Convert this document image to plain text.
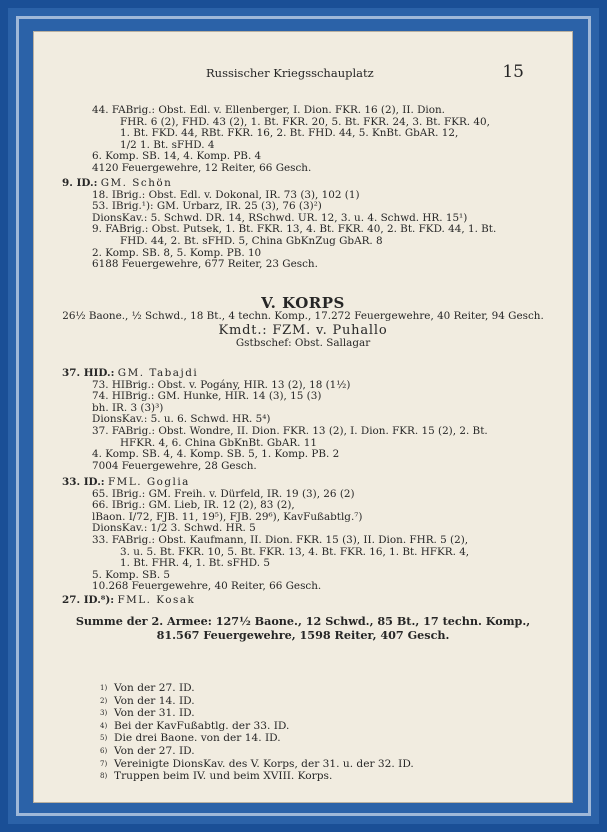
Russischer Kriegsschauplatz	15
44. FABrig.: Obst. Edl. v. Ellenberger, I. Dion. FKR. 16 (2), II. Dion.
FHR. 6 (2), FHD. 43 (2), 1. Bt. FKR. 20, 5. Bt. FKR. 24, 3. Bt. FKR. 40,
1. Bt. FKD. 44, RBt. FKR. 16, 2. Bt. FHD. 44, 5. KnBt. GbAR. 12,
1/2 1. Bt. sFHD. 4
6. Komp. SB. 14, 4. Komp. PB. 4
4120 Feuergewehre, 12 Reiter, 66 Gesch.
9. ID.: GM. Schön
18. IBrig.: Obst. Edl. v. Dokonal, IR. 73 (3), 102 (1)
53. IBrig.¹): GM. Urbarz, IR. 25 (3), 76 (3)²)
DionsKav.: 5. Schwd. DR. 14, RSchwd. UR. 12, 3. u. 4. Schwd. HR. 15¹)
9. FABrig.: Obst. Putsek, 1. Bt. FKR. 13, 4. Bt. FKR. 40, 2. Bt. FKD. 44, 1. Bt.
FHD. 44, 2. Bt. sFHD. 5, China GbKnZug GbAR. 8
2. Komp. SB. 8, 5. Komp. PB. 10
6188 Feuergewehre, 677 Reiter, 23 Gesch.
V. KORPS
26½ Baone., ½ Schwd., 18 Bt., 4 techn. Komp., 17.272 Feuergewehre, 40 Reiter, 94 Gesch.
Kmdt.: FZM. v. Puhallo
Gstbschef: Obst. Sallagar
37. HID.: GM. Tabajdi
73. HIBrig.: Obst. v. Pogány, HIR. 13 (2), 18 (1½)
74. HIBrig.: GM. Hunke, HIR. 14 (3), 15 (3)
bh. IR. 3 (3)³)
DionsKav.: 5. u. 6. Schwd. HR. 5⁴)
37. FABrig.: Obst. Wondre, II. Dion. FKR. 13 (2), I. Dion. FKR. 15 (2), 2. Bt.
HFKR. 4, 6. China GbKnBt. GbAR. 11
4. Komp. SB. 4, 4. Komp. SB. 5, 1. Komp. PB. 2
7004 Feuergewehre, 28 Gesch.
33. ID.: FML. Goglia
65. IBrig.: GM. Freih. v. Dürfeld, IR. 19 (3), 26 (2)
66. IBrig.: GM. Lieb, IR. 12 (2), 83 (2),
lBaon. I/72, FJB. 11, 19⁵), FJB. 29⁶), KavFußabtlg.⁷)
DionsKav.: 1/2 3. Schwd. HR. 5
33. FABrig.: Obst. Kaufmann, II. Dion. FKR. 15 (3), II. Dion. FHR. 5 (2),
3. u. 5. Bt. FKR. 10, 5. Bt. FKR. 13, 4. Bt. FKR. 16, 1. Bt. HFKR. 4,
1. Bt. FHR. 4, 1. Bt. sFHD. 5
5. Komp. SB. 5
10.268 Feuergewehre, 40 Reiter, 66 Gesch.
27. ID.⁸): FML. Kosak
Summe der 2. Armee: 127½ Baone., 12 Schwd., 85 Bt., 17 techn. Komp.,
81.567 Feuergewehre, 1598 Reiter, 407 Gesch.
1) Von der 27. ID.
2) Von der 14. ID.
3) Von der 31. ID.
4) Bei der KavFußabtlg. der 33. ID.
5) Die drei Baone. von der 14. ID.
6) Von der 27. ID.
7) Vereinigte DionsKav. des V. Korps, der 31. u. der 32. ID.
8) Truppen beim IV. und beim XVIII. Korps.
